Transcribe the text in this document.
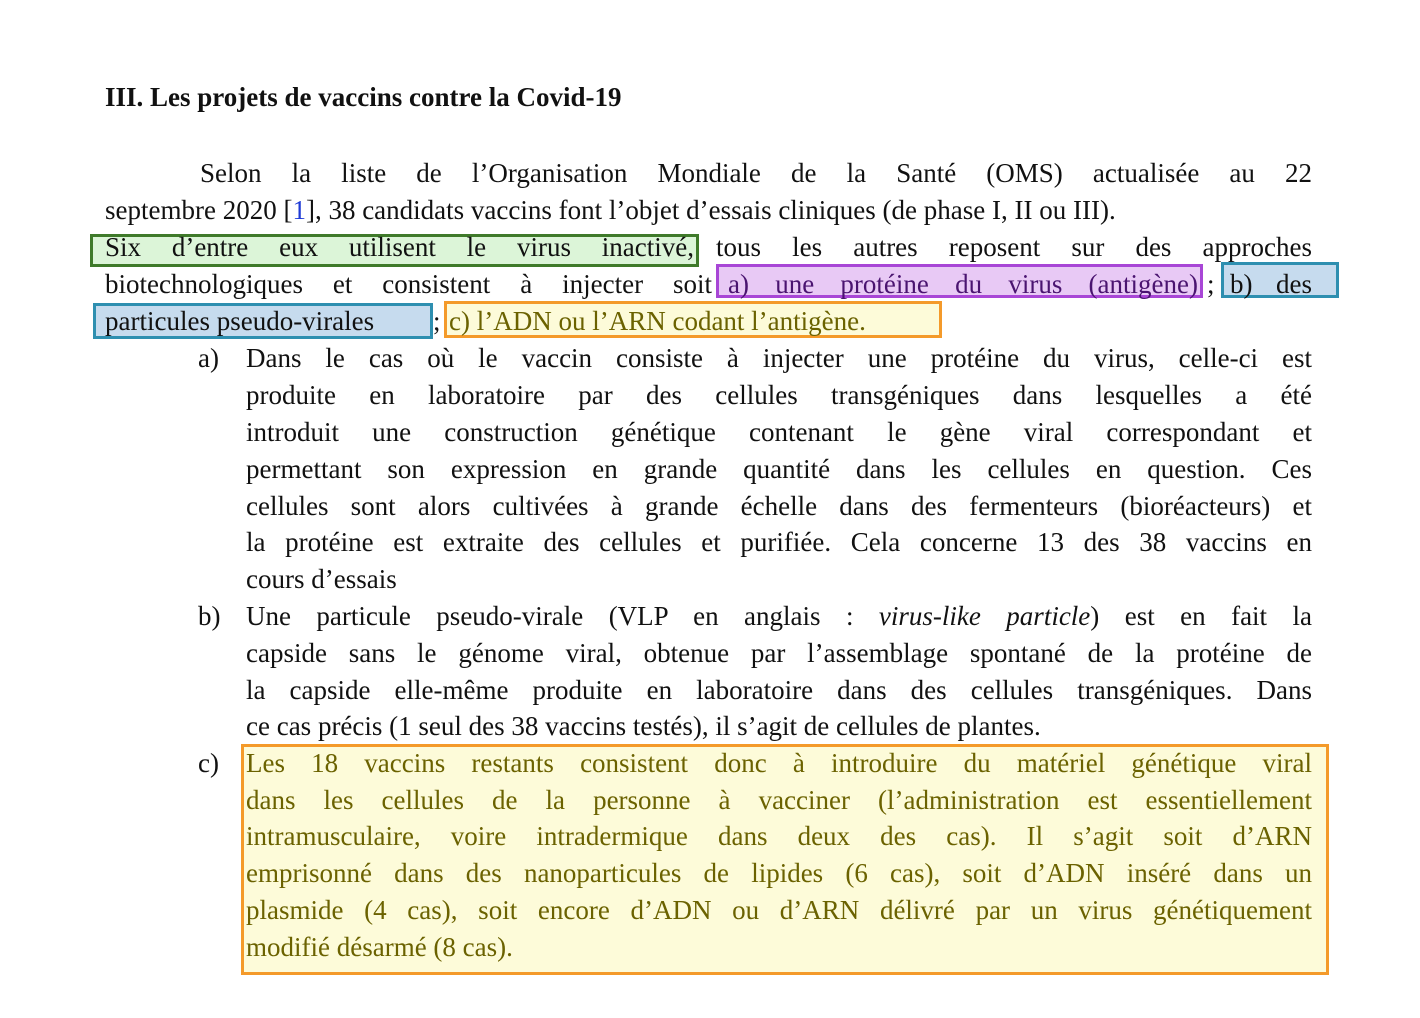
III. Les projets de vaccins contre la Covid-19
Selon la liste de l’Organisation Mondiale de la Santé (OMS) actualisée au 22
septembre 2020 [1], 38 candidats vaccins font l’objet d’essais cliniques (de phase I, II ou III).
Six d’entre eux utilisent le virus inactivé, tous les autres reposent sur des approches
biotechnologiques et consistent à injecter soit a) une protéine du virus (antigène) ; b) des
particules pseudo-virales ; c) l’ADN ou l’ARN codant l’antigène.
a) Dans le cas où le vaccin consiste à injecter une protéine du virus, celle-ci est
produite en laboratoire par des cellules transgéniques dans lesquelles a été
introduit une construction génétique contenant le gène viral correspondant et
permettant son expression en grande quantité dans les cellules en question. Ces
cellules sont alors cultivées à grande échelle dans des fermenteurs (bioréacteurs) et
la protéine est extraite des cellules et purifiée. Cela concerne 13 des 38 vaccins en
cours d’essais
b) Une particule pseudo-virale (VLP en anglais : virus-like particle) est en fait la
capside sans le génome viral, obtenue par l’assemblage spontané de la protéine de
la capside elle-même produite en laboratoire dans des cellules transgéniques. Dans
ce cas précis (1 seul des 38 vaccins testés), il s’agit de cellules de plantes.
c) Les 18 vaccins restants consistent donc à introduire du matériel génétique viral
dans les cellules de la personne à vacciner (l’administration est essentiellement
intramusculaire, voire intradermique dans deux des cas). Il s’agit soit d’ARN
emprisonné dans des nanoparticules de lipides (6 cas), soit d’ADN inséré dans un
plasmide (4 cas), soit encore d’ADN ou d’ARN délivré par un virus génétiquement
modifié désarmé (8 cas).
